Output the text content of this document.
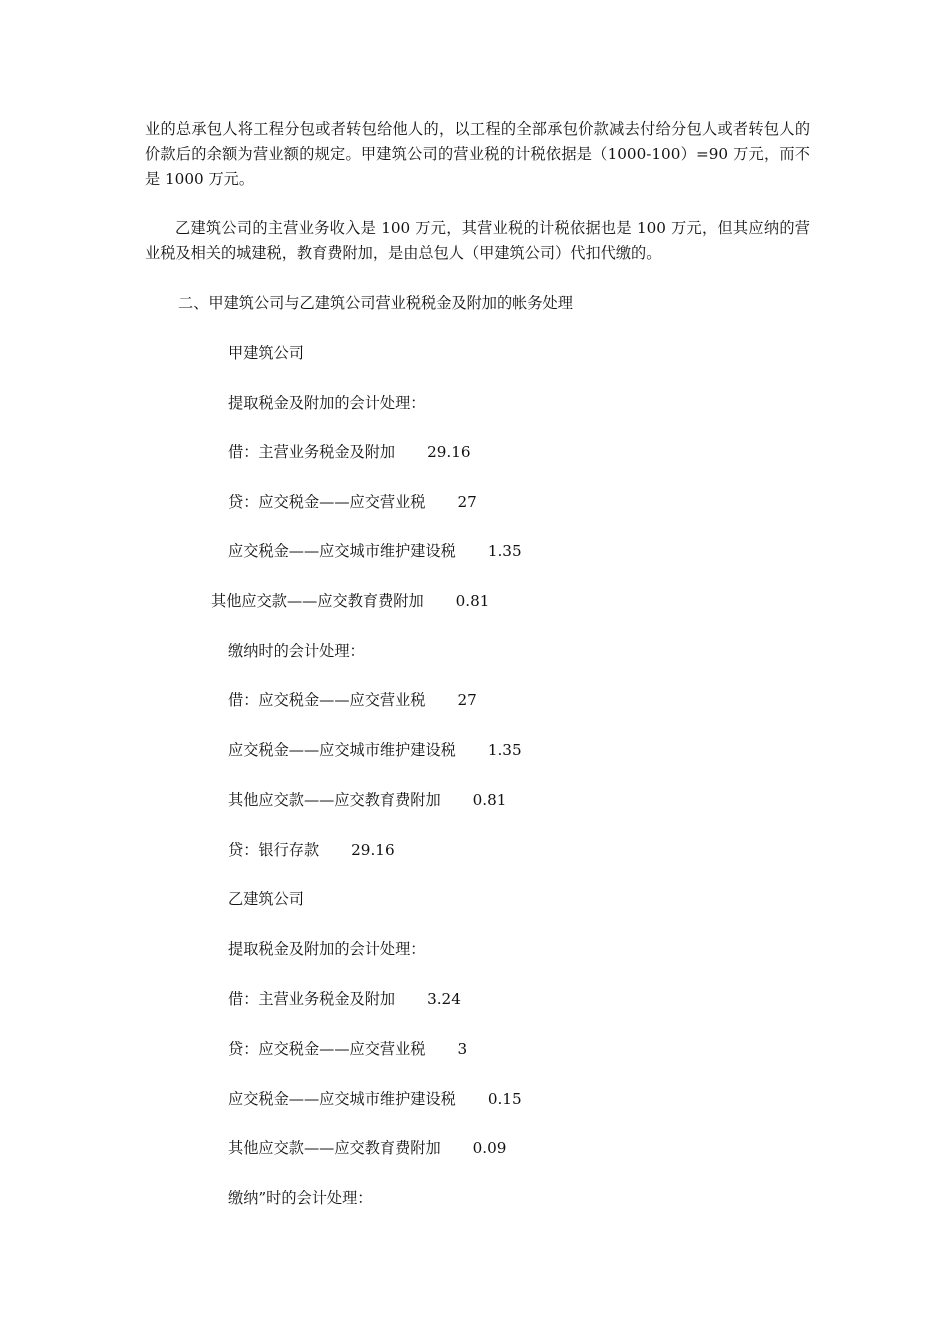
业的总承包人将工程分包或者转包给他人的，以工程的全部承包价款减去付给分包人或者转包人的价款后的余额为营业额的规定。甲建筑公司的营业税的计税依据是（1000-100）=90 万元，而不是 1000 万元。

乙建筑公司的主营业务收入是 100 万元，其营业税的计税依据也是 100 万元，但其应纳的营业税及相关的城建税，教育费附加，是由总包人（甲建筑公司）代扣代缴的。

二、甲建筑公司与乙建筑公司营业税税金及附加的帐务处理

甲建筑公司

提取税金及附加的会计处理：

借：主营业务税金及附加 29.16

贷：应交税金——应交营业税 27

应交税金——应交城市维护建设税 1.35

其他应交款——应交教育费附加 0.81

缴纳时的会计处理：

借：应交税金——应交营业税 27

应交税金——应交城市维护建设税 1.35

其他应交款——应交教育费附加 0.81

贷：银行存款 29.16

乙建筑公司

提取税金及附加的会计处理：

借：主营业务税金及附加 3.24

贷：应交税金——应交营业税 3

应交税金——应交城市维护建设税 0.15

其他应交款——应交教育费附加 0.09

缴纳”时的会计处理：
